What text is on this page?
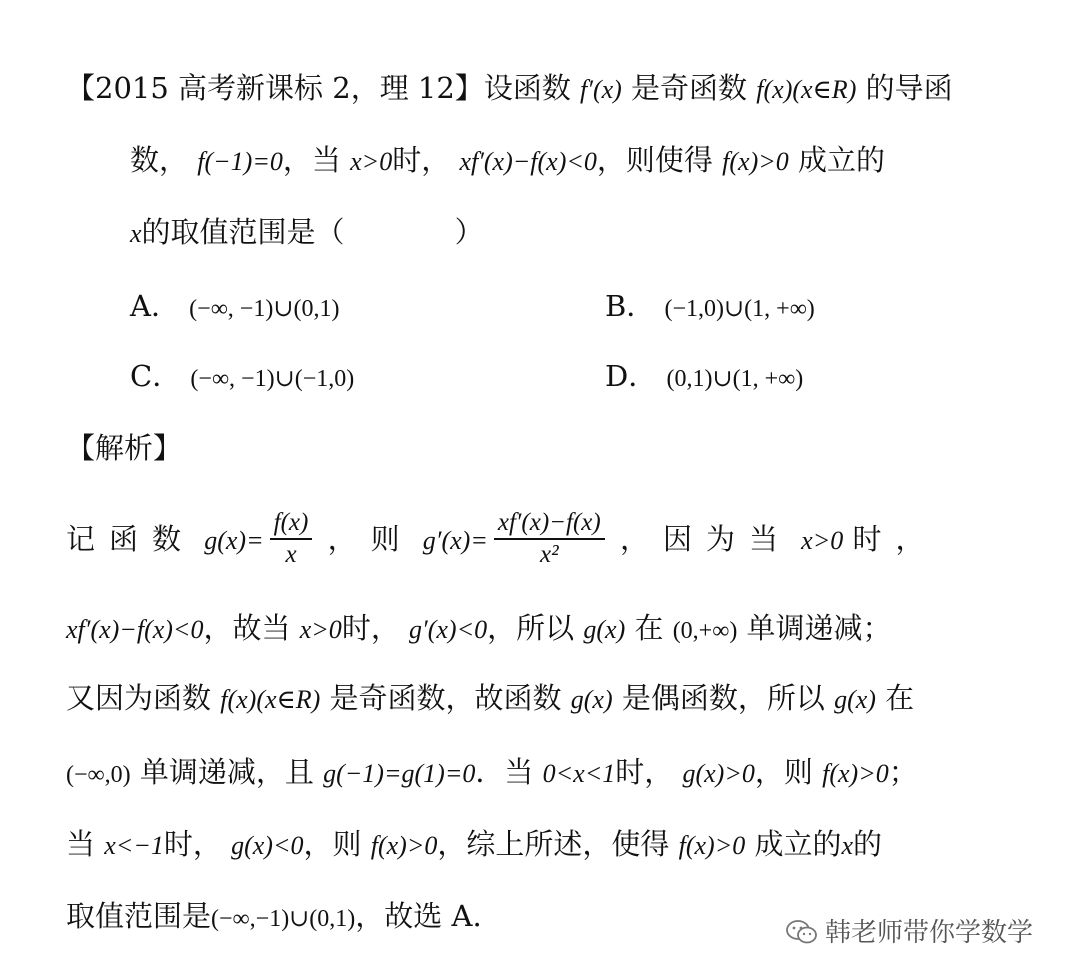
【2015 高考新课标 2，理 12】设函数 f′(x) 是奇函数 f(x)(x∈R) 的导函
数， f(−1)=0，当 x>0时， xf′(x)−f(x)<0，则使得 f(x)>0 成立的
x的取值范围是（	）
A． (−∞, −1)∪(0,1)	B． (−1,0)∪(1, +∞)
C． (−∞, −1)∪(−1,0)	D． (0,1)∪(1, +∞)
【解析】
记函数 $g(x)= \frac{f(x)}{x}$ ，则 $g'(x)= \frac{xf'(x)-f(x)}{\text{x²}}$ ，因为当 x>0 时，
xf′(x)−f(x)<0，故当 x>0时， g′(x)<0，所以 g(x) 在 (0,+∞) 单调递减；
又因为函数 f(x)(x∈R) 是奇函数，故函数 g(x) 是偶函数，所以 g(x) 在
(−∞,0) 单调递减，且 g(−1)=g(1)=0．当 0<x<1时， g(x)>0，则 f(x)>0；
当 x<−1时， g(x)<0，则 f(x)>0，综上所述，使得 f(x)>0 成立的x的
取值范围是(−∞,−1)∪(0,1)，故选 A.	韩老师带你学数学
